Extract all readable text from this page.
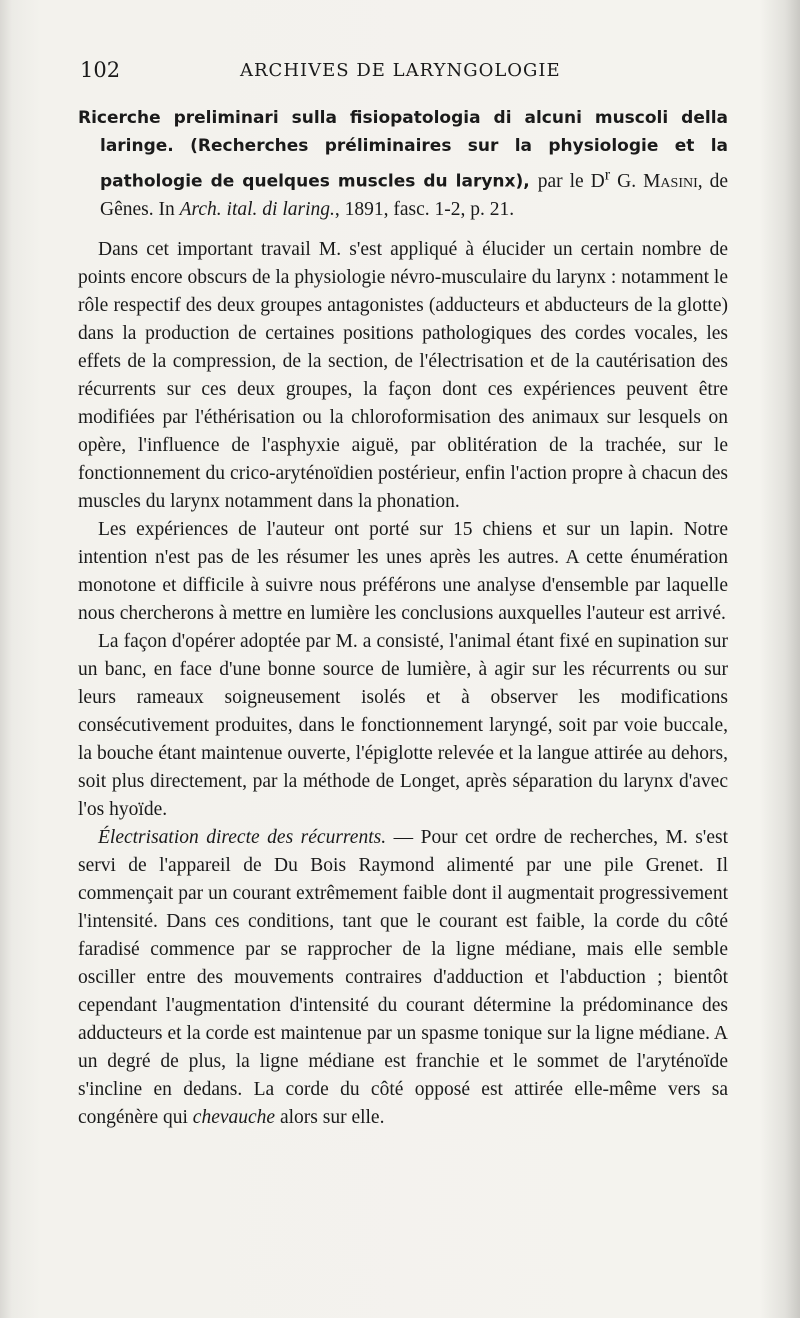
102	ARCHIVES DE LARYNGOLOGIE
Ricerche preliminari sulla fisiopatologia di alcuni muscoli della laringe. (Recherches préliminaires sur la physiologie et la pathologie de quelques muscles du larynx), par le $D^r$ G. Masini, de Gênes. In Arch. ital. di laring., 1891, fasc. 1-2, p. 21.

Dans cet important travail M. s'est appliqué à élucider un certain nombre de points encore obscurs de la physiologie névro-musculaire du larynx : notamment le rôle respectif des deux groupes antagonistes (adducteurs et abducteurs de la glotte) dans la production de certaines positions pathologiques des cordes vocales, les effets de la compression, de la section, de l'électrisation et de la cautérisation des récurrents sur ces deux groupes, la façon dont ces expériences peuvent être modifiées par l'éthérisation ou la chloroformisation des animaux sur lesquels on opère, l'influence de l'asphyxie aiguë, par oblitération de la trachée, sur le fonctionnement du crico-aryténoïdien postérieur, enfin l'action propre à chacun des muscles du larynx notamment dans la phonation.

Les expériences de l'auteur ont porté sur 15 chiens et sur un lapin. Notre intention n'est pas de les résumer les unes après les autres. A cette énumération monotone et difficile à suivre nous préférons une analyse d'ensemble par laquelle nous chercherons à mettre en lumière les conclusions auxquelles l'auteur est arrivé.

La façon d'opérer adoptée par M. a consisté, l'animal étant fixé en supination sur un banc, en face d'une bonne source de lumière, à agir sur les récurrents ou sur leurs rameaux soigneusement isolés et à observer les modifications consécutivement produites, dans le fonctionnement laryngé, soit par voie buccale, la bouche étant maintenue ouverte, l'épiglotte relevée et la langue attirée au dehors, soit plus directement, par la méthode de Longet, après séparation du larynx d'avec l'os hyoïde.

Électrisation directe des récurrents. — Pour cet ordre de recherches, M. s'est servi de l'appareil de Du Bois Raymond alimenté par une pile Grenet. Il commençait par un courant extrêmement faible dont il augmentait progressivement l'intensité. Dans ces conditions, tant que le courant est faible, la corde du côté faradisé commence par se rapprocher de la ligne médiane, mais elle semble osciller entre des mouvements contraires d'adduction et l'abduction ; bientôt cependant l'augmentation d'intensité du courant détermine la prédominance des adducteurs et la corde est maintenue par un spasme tonique sur la ligne médiane. A un degré de plus, la ligne médiane est franchie et le sommet de l'aryténoïde s'incline en dedans. La corde du côté opposé est attirée elle-même vers sa congénère qui chevauche alors sur elle.
